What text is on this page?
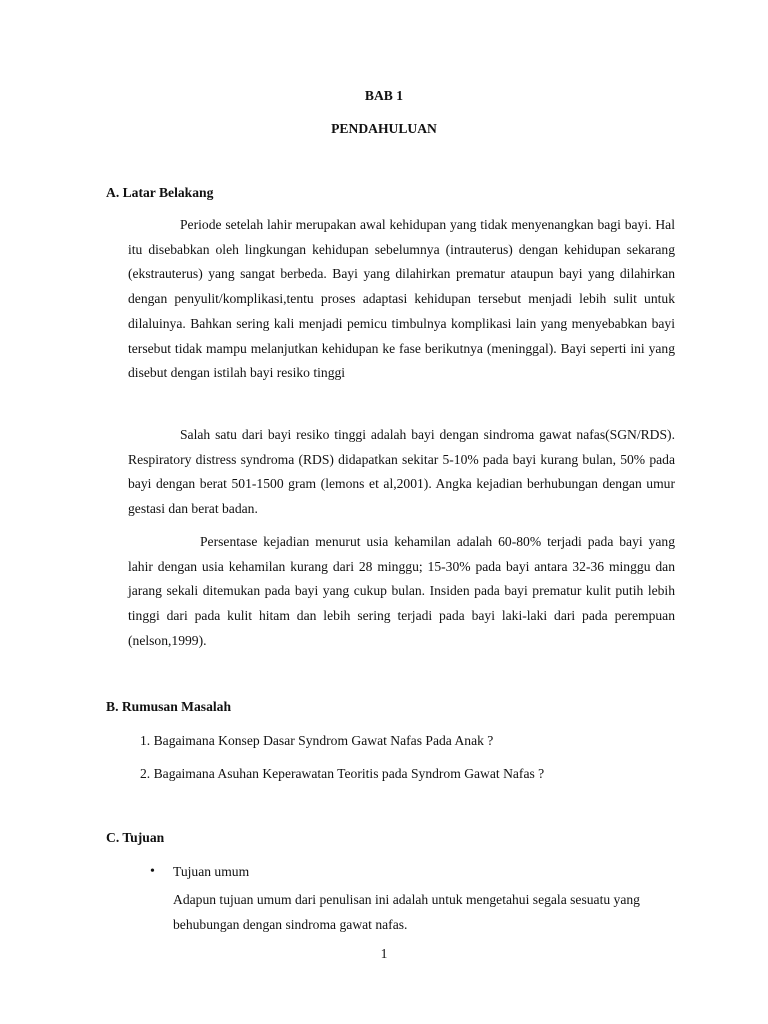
BAB 1

PENDAHULUAN

A. Latar Belakang

Periode setelah lahir merupakan awal kehidupan yang tidak menyenangkan bagi bayi. Hal itu disebabkan oleh lingkungan kehidupan sebelumnya (intrauterus) dengan kehidupan sekarang (ekstrauterus) yang sangat berbeda. Bayi yang dilahirkan prematur ataupun bayi yang dilahirkan dengan penyulit/komplikasi,tentu proses adaptasi kehidupan tersebut menjadi lebih sulit untuk dilaluinya. Bahkan sering kali menjadi pemicu timbulnya komplikasi lain yang menyebabkan bayi tersebut tidak mampu melanjutkan kehidupan ke fase berikutnya (meninggal). Bayi seperti ini yang disebut dengan istilah bayi resiko tinggi

Salah satu dari bayi resiko tinggi adalah bayi dengan sindroma gawat nafas(SGN/RDS). Respiratory distress syndroma (RDS) didapatkan sekitar 5-10% pada bayi kurang bulan, 50% pada bayi dengan berat 501-1500 gram (lemons et al,2001). Angka kejadian berhubungan dengan umur gestasi dan berat badan.

Persentase kejadian menurut usia kehamilan adalah 60-80% terjadi pada bayi yang lahir dengan usia kehamilan kurang dari 28 minggu; 15-30% pada bayi antara 32-36 minggu dan jarang sekali ditemukan pada bayi yang cukup bulan. Insiden pada bayi prematur kulit putih lebih tinggi dari pada kulit hitam dan lebih sering terjadi pada bayi laki-laki dari pada perempuan (nelson,1999).

B. Rumusan Masalah

1. Bagaimana Konsep Dasar Syndrom Gawat Nafas Pada Anak ?

2. Bagaimana Asuhan Keperawatan Teoritis pada Syndrom Gawat Nafas ?

C. Tujuan

• Tujuan umum

Adapun tujuan umum dari penulisan ini adalah untuk mengetahui segala sesuatu yang behubungan dengan sindroma gawat nafas.

1
